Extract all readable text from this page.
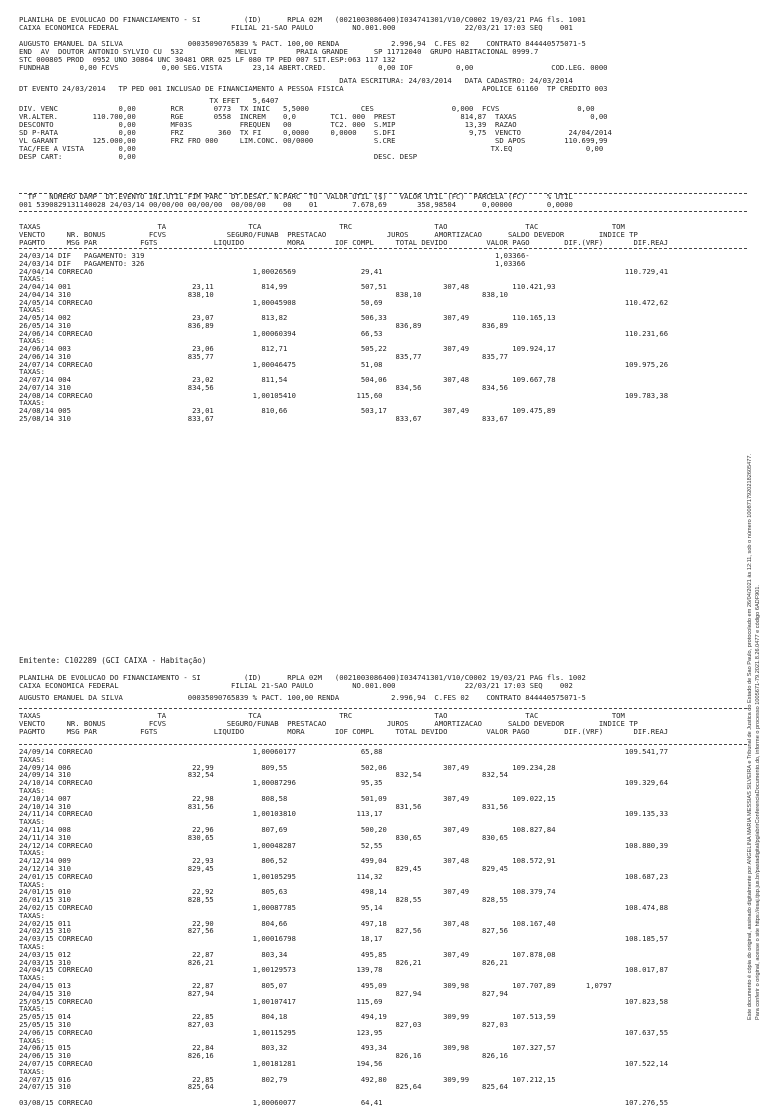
PLANILHA DE EVOLUCAO DO FINANCIAMENTO - SI          (ID)      RPLA 02M   (0021003086400)I034741301/V10/C0002 19/03/21 PAG fls. 1001
CAIXA ECONOMICA FEDERAL                          FILIAL 21-SAO PAULO         NO.001.000                22/03/21 17:03 SEQ    001
AUGUSTO EMANUEL DA SILVA               00035090765839 % PACT. 100,00 RENDA            2.996,94  C.FES 02    CONTRATO 844440575071-5
END  AV  DOUTOR ANTONIO SYLVIO CU  532            MELVI         PRAIA GRANDE      SP 11712040  GRUPO HABITACIONAL 0999.7
STC 000805 PROD  0952 UNO 30864 UNC 30481 ORR 025 LF 080 TP PED 007 SIT.ESP:063 117 132
FUNDHAB       0,00 FCVS          0,00 SEG.VISTA       23,14 ABERT.CRED.            0,00 IOF          0,00                  COD.LEG. 0000
DATA ESCRITURA: 24/03/2014   DATA CADASTRO: 24/03/2014
DT EVENTO 24/03/2014   TP PED 001 INCLUSAO DE FINANCIAMENTO A PESSOA FISICA                                APOLICE 61160  TP CREDITO 003
TX EFET   5,6407
DIV. VENC              0,00        RCR       0773  TX INIC   5,5000            CES                  0,000  FCVS                  0,00
VR.ALTER.        110.700,00        RGE       0558  INCREM    0,0        TC1. 000  PREST               814,87  TAXAS                 0,00
DESCONTO               0,00        MF03S           FREQUEN   00         TC2. 000  S.MIP                13,39  RAZAO
SD P-RATA              0,00        FRZ        360  TX FI     0,0000     0,0000    S.DFI                 9,75  VENCTO           24/04/2014
VL GARANT        125.000,00        FRZ FRO 000     LIM.CONC. 00/0000              S.CRE                       SD APOS         110.699,99
TAC/FEE A VISTA        0,00                                                                                  TX.EQ                 0,00
DESP CART:             0,00                                                       DESC. DESP
TP   NUMERO DAMP  DT.EVENTO INI.UTIL FIM PARC  DT.DESAT. N.PARC  TU  VALOR UTIL ($)   VALOR UTIL (FC)  PARCELA (FC)     % UTIL
001 5390829131140028 24/03/14 00/00/00 00/00/00  00/00/00    00    01        7.678,69       358,98504      0,00000        0,0000
TAXAS                           TA                   TCA                  TRC                   TAO                  TAC                 TOM
VENCTO     NR. BONUS          FCVS              SEGURO/FUNAB  PRESTACAO              JUROS      AMORTIZACAO      SALDO DEVEDOR        INDICE TP
PAGMTO     MSG PAR          FGTS             LIQUIDO          MORA       IOF COMPL     TOTAL DEVIDO         VALOR PAGO        DIF.(VRF)       DIF.REAJ
24/03/14 DIF   PAGAMENTO: 319                                                                                 1,03366-
24/03/14 DIF   PAGAMENTO: 326                                                                                 1,03366
24/04/14 CORRECAO                                     1,00026569               29,41                                                        110.729,41
TAXAS:
24/04/14 001                            23,11           814,99                 507,51             307,48          110.421,93
24/04/14 310                           838,10                                          838,10              838,10
24/05/14 CORRECAO                                     1,00045908               50,69                                                        110.472,62
TAXAS:
24/05/14 002                            23,07           813,82                 506,33             307,49          110.165,13
26/05/14 310                           836,89                                          836,89              836,89
24/06/14 CORRECAO                                     1,00060394               66,53                                                        110.231,66
TAXAS:
24/06/14 003                            23,06           812,71                 505,22             307,49          109.924,17
24/06/14 310                           835,77                                          835,77              835,77
24/07/14 CORRECAO                                     1,00046475               51,08                                                        109.975,26
TAXAS:
24/07/14 004                            23,02           811,54                 504,06             307,48          109.667,78
24/07/14 310                           834,56                                          834,56              834,56
24/08/14 CORRECAO                                     1,00105410              115,60                                                        109.783,38
TAXAS:
24/08/14 005                            23,01           810,66                 503,17             307,49          109.475,89
25/08/14 310                           833,67                                          833,67              833,67
Emitente: C102289 (GCI CAIXA - Habitação)
PLANILHA DE EVOLUCAO DO FINANCIAMENTO - SI          (ID)      RPLA 02M   (0021003086400)I034741301/V10/C0002 19/03/21 PAG fls. 1002
CAIXA ECONOMICA FEDERAL                          FILIAL 21-SAO PAULO         NO.001.000                22/03/21 17:03 SEQ    002
AUGUSTO EMANUEL DA SILVA               00035090765839 % PACT. 100,00 RENDA            2.996,94  C.FES 02    CONTRATO 844440575071-5
TAXAS                           TA                   TCA                  TRC                   TAO                  TAC                 TOM
VENCTO     NR. BONUS          FCVS              SEGURO/FUNAB  PRESTACAO              JUROS      AMORTIZACAO      SALDO DEVEDOR        INDICE TP
PAGMTO     MSG PAR          FGTS             LIQUIDO          MORA       IOF COMPL     TOTAL DEVIDO         VALOR PAGO        DIF.(VRF)       DIF.REAJ
24/09/14 CORRECAO                                     1,00060177               65,88                                                        109.541,77
TAXAS:
24/09/14 006                            22,99           809,55                 502,06             307,49          109.234,28
24/09/14 310                           832,54                                          832,54              832,54
24/10/14 CORRECAO                                     1,00087296               95,35                                                        109.329,64
TAXAS:
24/10/14 007                            22,98           808,58                 501,09             307,49          109.022,15
24/10/14 310                           831,56                                          831,56              831,56
24/11/14 CORRECAO                                     1,00103810              113,17                                                        109.135,33
TAXAS:
24/11/14 008                            22,96           807,69                 500,20             307,49          108.827,84
24/11/14 310                           830,65                                          830,65              830,65
24/12/14 CORRECAO                                     1,00048287               52,55                                                        108.880,39
TAXAS:
24/12/14 009                            22,93           806,52                 499,04             307,48          108.572,91
24/12/14 310                           829,45                                          829,45              829,45
24/01/15 CORRECAO                                     1,00105295              114,32                                                        108.687,23
TAXAS:
24/01/15 010                            22,92           805,63                 498,14             307,49          108.379,74
26/01/15 310                           828,55                                          828,55              828,55
24/02/15 CORRECAO                                     1,00087785               95,14                                                        108.474,88
TAXAS:
24/02/15 011                            22,90           804,66                 497,18             307,48          108.167,40
24/02/15 310                           827,56                                          827,56              827,56
24/03/15 CORRECAO                                     1,00016798               18,17                                                        108.185,57
TAXAS:
24/03/15 012                            22,87           803,34                 495,85             307,49          107.878,08
24/03/15 310                           826,21                                          826,21              826,21
24/04/15 CORRECAO                                     1,00129573              139,78                                                        108.017,87
TAXAS:
24/04/15 013                            22,87           805,07                 495,09             309,98          107.707,89       1,0797
24/04/15 310                           827,94                                          827,94              827,94
25/05/15 CORRECAO                                     1,00107417              115,69                                                        107.823,58
TAXAS:
25/05/15 014                            22,85           804,18                 494,19             309,99          107.513,59
25/05/15 310                           827,03                                          827,03              827,03
24/06/15 CORRECAO                                     1,00115295              123,95                                                        107.637,55
TAXAS:
24/06/15 015                            22,84           803,32                 493,34             309,98          107.327,57
24/06/15 310                           826,16                                          826,16              826,16
24/07/15 CORRECAO                                     1,00181281              194,56                                                        107.522,14
TAXAS:
24/07/15 016                            22,85           802,79                 492,80             309,99          107.212,15
24/07/15 310                           825,64                                          825,64              825,64
03/08/15 CORRECAO                                     1,00060077               64,41                                                        107.276,55
Este documento é cópia do original, assinado digitalmente por ANGELINA MARIA MESSIAS SILVEIRA e Tribunal de Justica do Estado de Sao Paulo, protocolado em 26/04/2021 às 12:11, sob o número 10087179202182605477. Para conferir o original, acesse o site https://esaj.tjsp.jus.br/pastadigital/pg/abrirConferenciaDocumento.do, informe o processo 1005671-79.2021.8.26.0477 e código 6ADF901.
